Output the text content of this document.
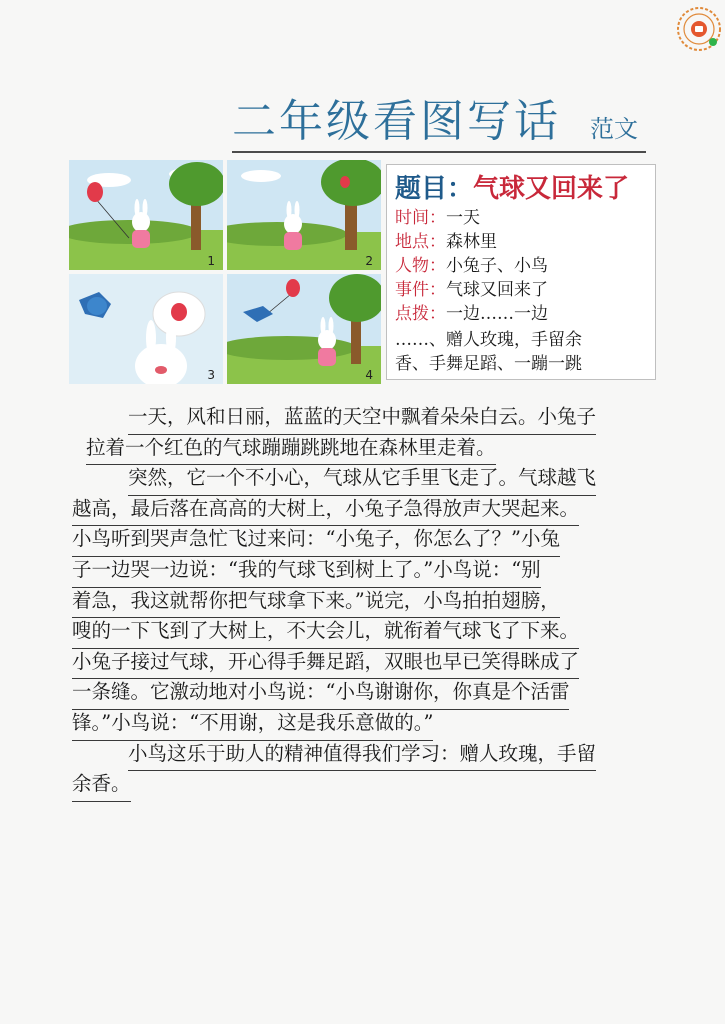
二年级看图写话 范文
1	2
3	4
题目：气球又回来了
时间：一天
地点：森林里
人物：小兔子、小鸟
事件：气球又回来了
点拨：一边……一边
……、赠人玫瑰，手留余
香、手舞足蹈、一蹦一跳
一天，风和日丽，蓝蓝的天空中飘着朵朵白云。小兔子
拉着一个红色的气球蹦蹦跳跳地在森林里走着。
突然，它一个不小心，气球从它手里飞走了。气球越飞
越高，最后落在高高的大树上，小兔子急得放声大哭起来。
小鸟听到哭声急忙飞过来问：“小兔子，你怎么了？”小兔
子一边哭一边说：“我的气球飞到树上了。”小鸟说：“别
着急，我这就帮你把气球拿下来。”说完，小鸟拍拍翅膀，
嗖的一下飞到了大树上，不大会儿，就衔着气球飞了下来。
小兔子接过气球，开心得手舞足蹈，双眼也早已笑得眯成了
一条缝。它激动地对小鸟说：“小鸟谢谢你，你真是个活雷
锋。”小鸟说：“不用谢，这是我乐意做的。”
小鸟这乐于助人的精神值得我们学习：赠人玫瑰，手留
余香。
